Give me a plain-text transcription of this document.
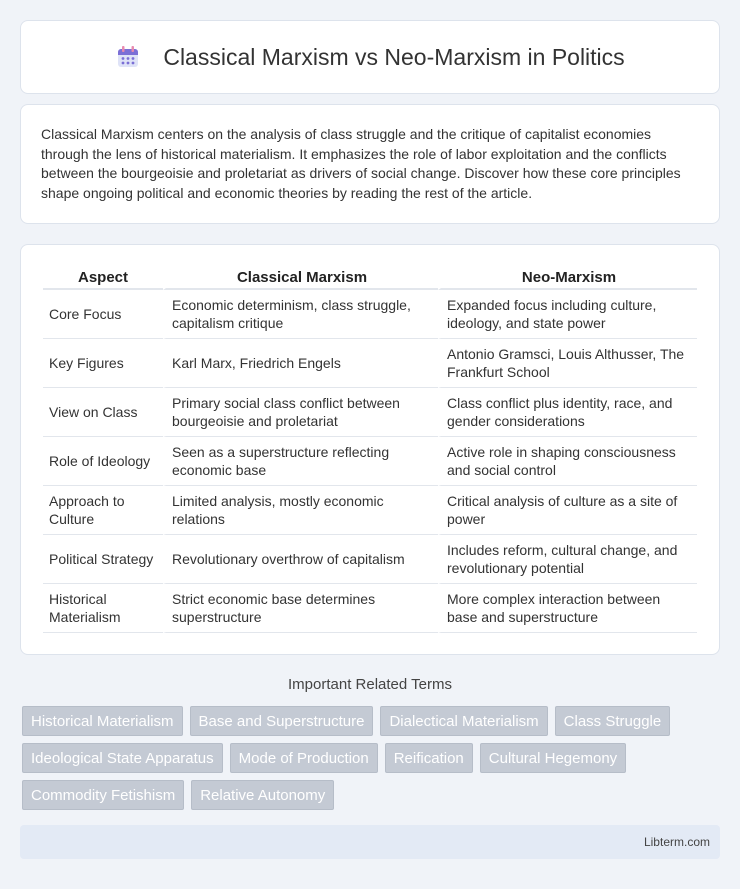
Classical Marxism vs Neo-Marxism in Politics

Classical Marxism centers on the analysis of class struggle and the critique of capitalist economies through the lens of historical materialism. It emphasizes the role of labor exploitation and the conflicts between the bourgeoisie and proletariat as drivers of social change. Discover how these core principles shape ongoing political and economic theories by reading the rest of the article.

Aspect	Classical Marxism	Neo-Marxism
Core Focus	Economic determinism, class struggle, capitalism critique	Expanded focus including culture, ideology, and state power
Key Figures	Karl Marx, Friedrich Engels	Antonio Gramsci, Louis Althusser, The Frankfurt School
View on Class	Primary social class conflict between bourgeoisie and proletariat	Class conflict plus identity, race, and gender considerations
Role of Ideology	Seen as a superstructure reflecting economic base	Active role in shaping consciousness and social control
Approach to Culture	Limited analysis, mostly economic relations	Critical analysis of culture as a site of power
Political Strategy	Revolutionary overthrow of capitalism	Includes reform, cultural change, and revolutionary potential
Historical Materialism	Strict economic base determines superstructure	More complex interaction between base and superstructure
Important Related Terms
Historical Materialism	Base and Superstructure	Dialectical Materialism	Class Struggle
Ideological State Apparatus	Mode of Production	Reification	Cultural Hegemony
Commodity Fetishism	Relative Autonomy
Libterm.com
